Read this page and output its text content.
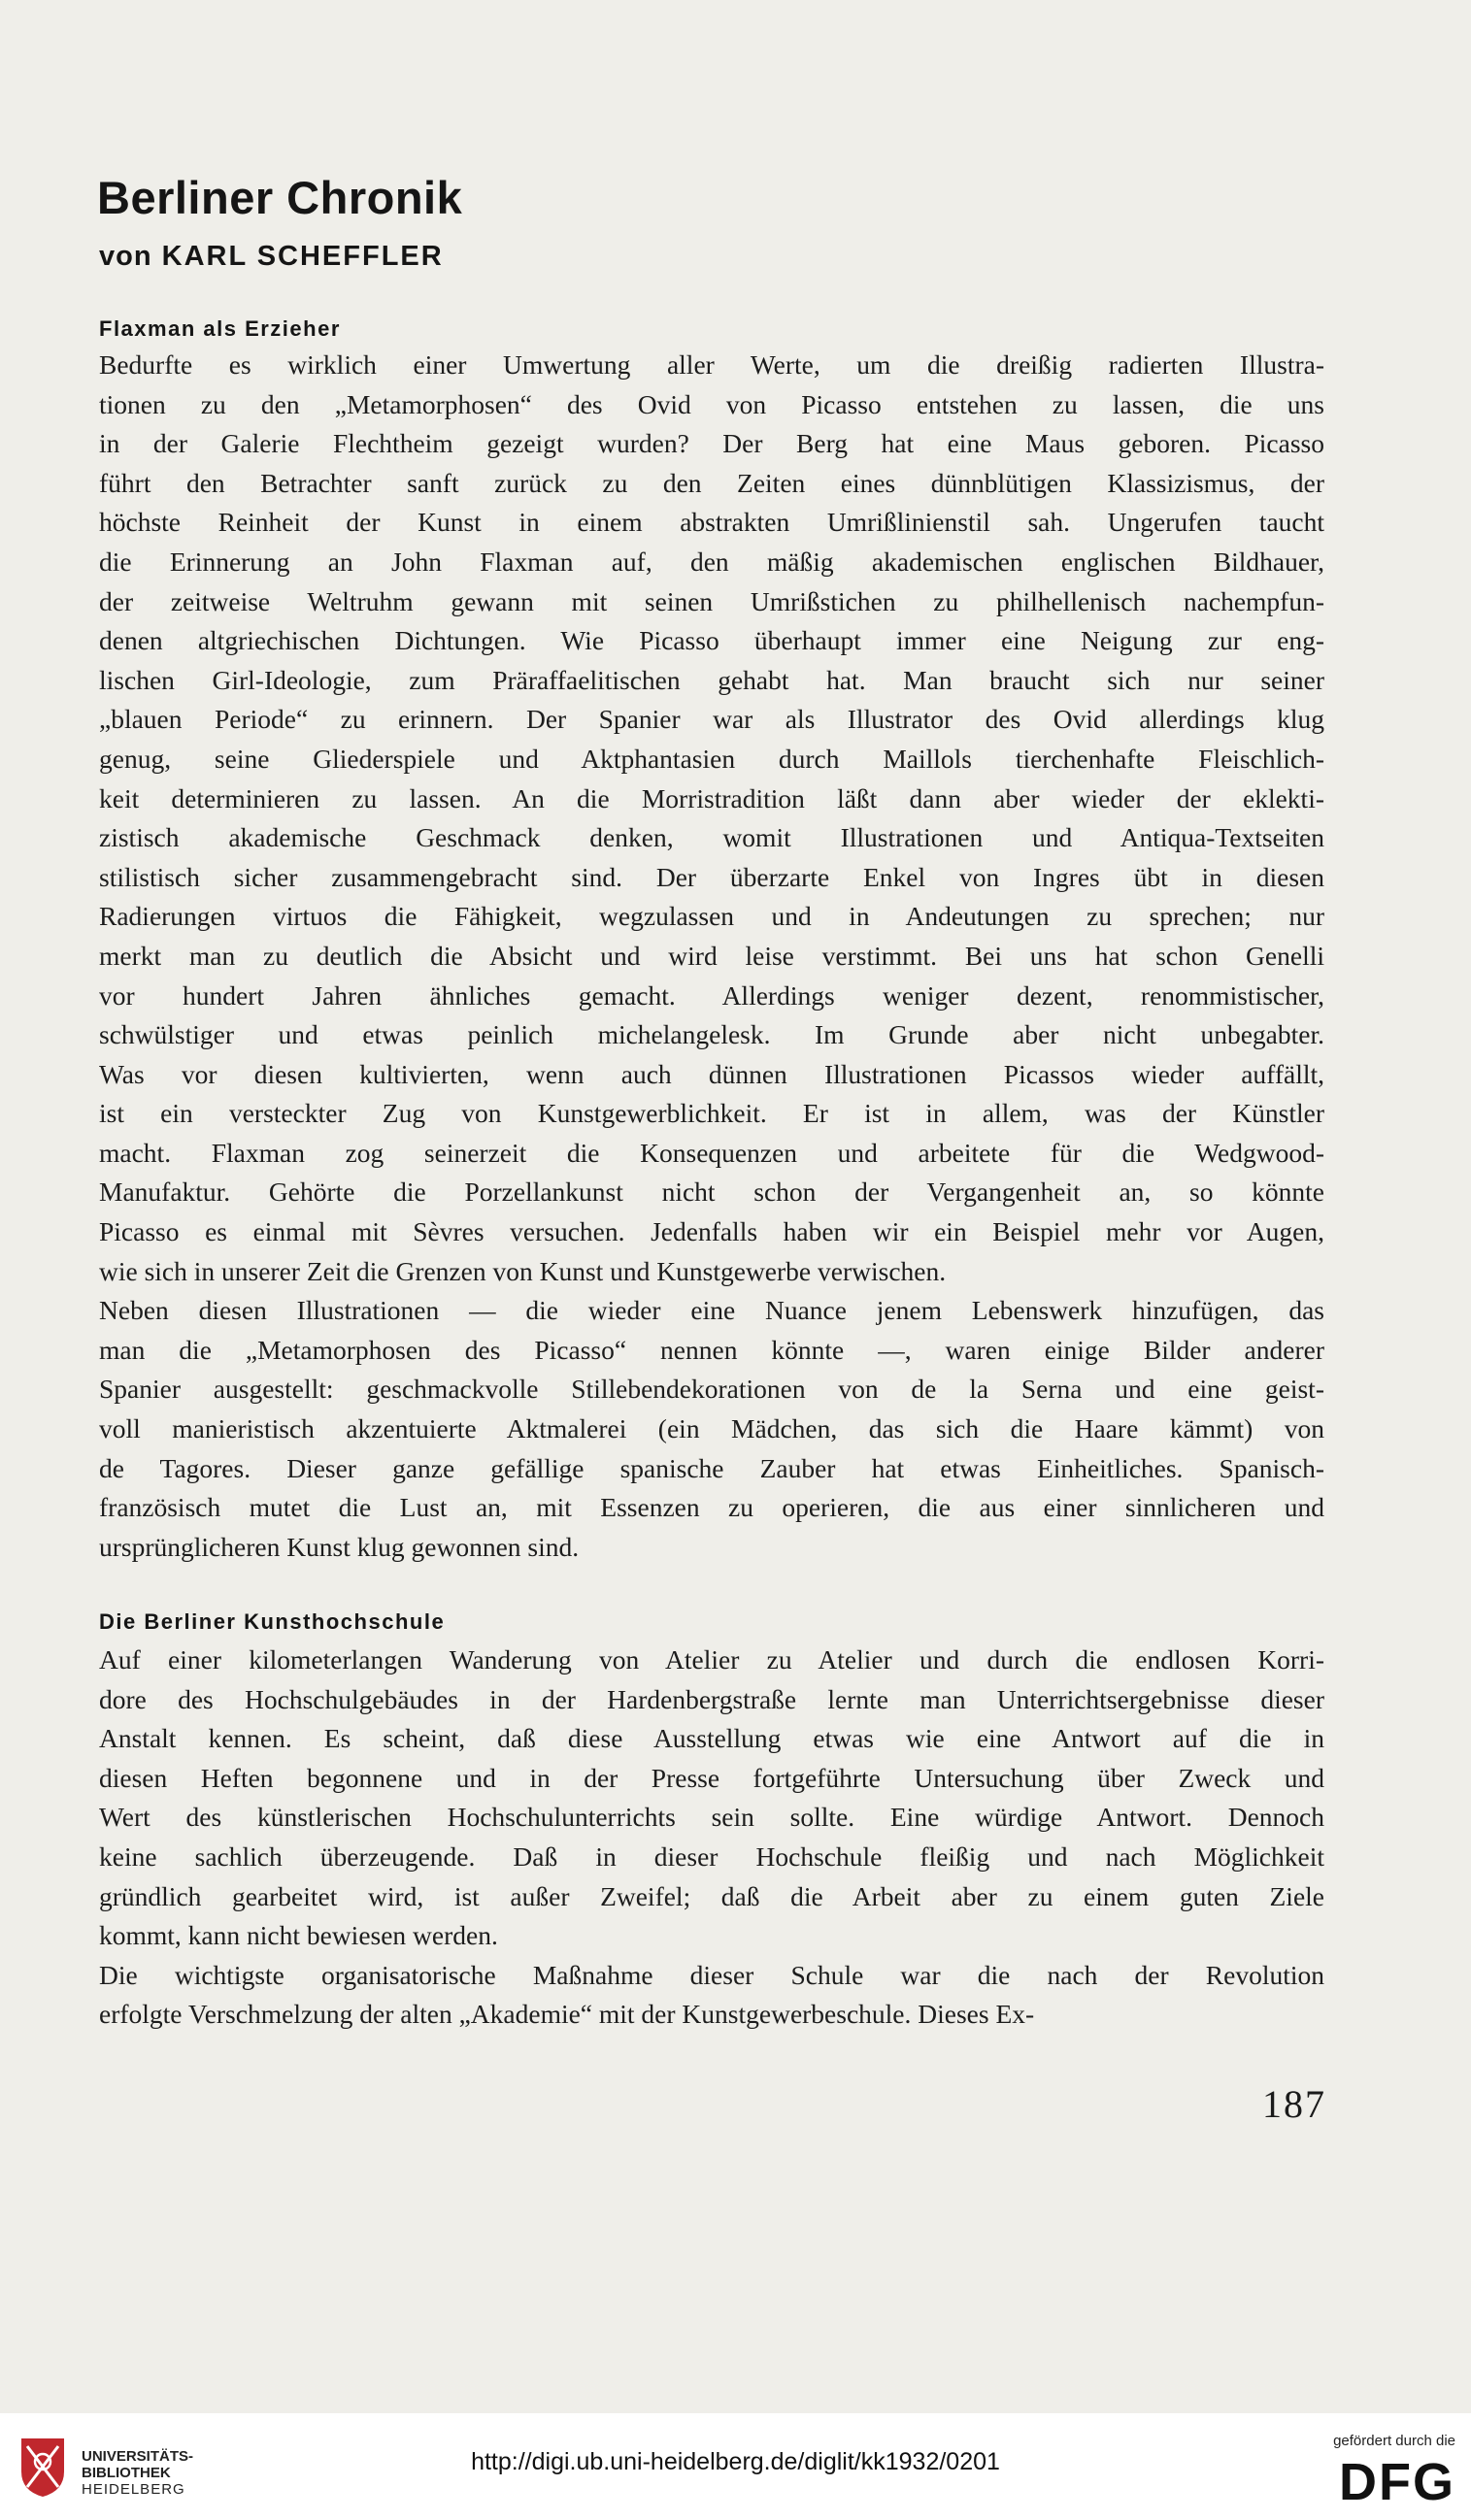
Berliner Chronik
von KARL SCHEFFLER
Flaxman als Erzieher
Bedurfte es wirklich einer Umwertung aller Werte, um die dreißig radierten Illustra-
tionen zu den „Metamorphosen“ des Ovid von Picasso entstehen zu lassen, die uns
in der Galerie Flechtheim gezeigt wurden? Der Berg hat eine Maus geboren. Picasso
führt den Betrachter sanft zurück zu den Zeiten eines dünnblütigen Klassizismus, der
höchste Reinheit der Kunst in einem abstrakten Umrißlinienstil sah. Ungerufen taucht
die Erinnerung an John Flaxman auf, den mäßig akademischen englischen Bildhauer,
der zeitweise Weltruhm gewann mit seinen Umrißstichen zu philhellenisch nachempfun-
denen altgriechischen Dichtungen. Wie Picasso überhaupt immer eine Neigung zur eng-
lischen Girl-Ideologie, zum Präraffaelitischen gehabt hat. Man braucht sich nur seiner
„blauen Periode“ zu erinnern. Der Spanier war als Illustrator des Ovid allerdings klug
genug, seine Gliederspiele und Aktphantasien durch Maillols tierchenhafte Fleischlich-
keit determinieren zu lassen. An die Morristradition läßt dann aber wieder der eklekti-
zistisch akademische Geschmack denken, womit Illustrationen und Antiqua-Textseiten
stilistisch sicher zusammengebracht sind. Der überzarte Enkel von Ingres übt in diesen
Radierungen virtuos die Fähigkeit, wegzulassen und in Andeutungen zu sprechen; nur
merkt man zu deutlich die Absicht und wird leise verstimmt. Bei uns hat schon Genelli
vor hundert Jahren ähnliches gemacht. Allerdings weniger dezent, renommistischer,
schwülstiger und etwas peinlich michelangelesk. Im Grunde aber nicht unbegabter.
Was vor diesen kultivierten, wenn auch dünnen Illustrationen Picassos wieder auffällt,
ist ein versteckter Zug von Kunstgewerblichkeit. Er ist in allem, was der Künstler
macht. Flaxman zog seinerzeit die Konsequenzen und arbeitete für die Wedgwood-
Manufaktur. Gehörte die Porzellankunst nicht schon der Vergangenheit an, so könnte
Picasso es einmal mit Sèvres versuchen. Jedenfalls haben wir ein Beispiel mehr vor Augen,
wie sich in unserer Zeit die Grenzen von Kunst und Kunstgewerbe verwischen.
Neben diesen Illustrationen — die wieder eine Nuance jenem Lebenswerk hinzufügen, das
man die „Metamorphosen des Picasso“ nennen könnte —, waren einige Bilder anderer
Spanier ausgestellt: geschmackvolle Stillebendekorationen von de la Serna und eine geist-
voll manieristisch akzentuierte Aktmalerei (ein Mädchen, das sich die Haare kämmt) von
de Tagores. Dieser ganze gefällige spanische Zauber hat etwas Einheitliches. Spanisch-
französisch mutet die Lust an, mit Essenzen zu operieren, die aus einer sinnlicheren und
ursprünglicheren Kunst klug gewonnen sind.
Die Berliner Kunsthochschule
Auf einer kilometerlangen Wanderung von Atelier zu Atelier und durch die endlosen Korri-
dore des Hochschulgebäudes in der Hardenbergstraße lernte man Unterrichtsergebnisse dieser
Anstalt kennen. Es scheint, daß diese Ausstellung etwas wie eine Antwort auf die in
diesen Heften begonnene und in der Presse fortgeführte Untersuchung über Zweck und
Wert des künstlerischen Hochschulunterrichts sein sollte. Eine würdige Antwort. Dennoch
keine sachlich überzeugende. Daß in dieser Hochschule fleißig und nach Möglichkeit
gründlich gearbeitet wird, ist außer Zweifel; daß die Arbeit aber zu einem guten Ziele
kommt, kann nicht bewiesen werden.
Die wichtigste organisatorische Maßnahme dieser Schule war die nach der Revolution
erfolgte Verschmelzung der alten „Akademie“ mit der Kunstgewerbeschule. Dieses Ex-
187
UNIVERSITÄTS-
BIBLIOTHEK
HEIDELBERG
http://digi.ub.uni-heidelberg.de/diglit/kk1932/0201
gefördert durch die
DFG
